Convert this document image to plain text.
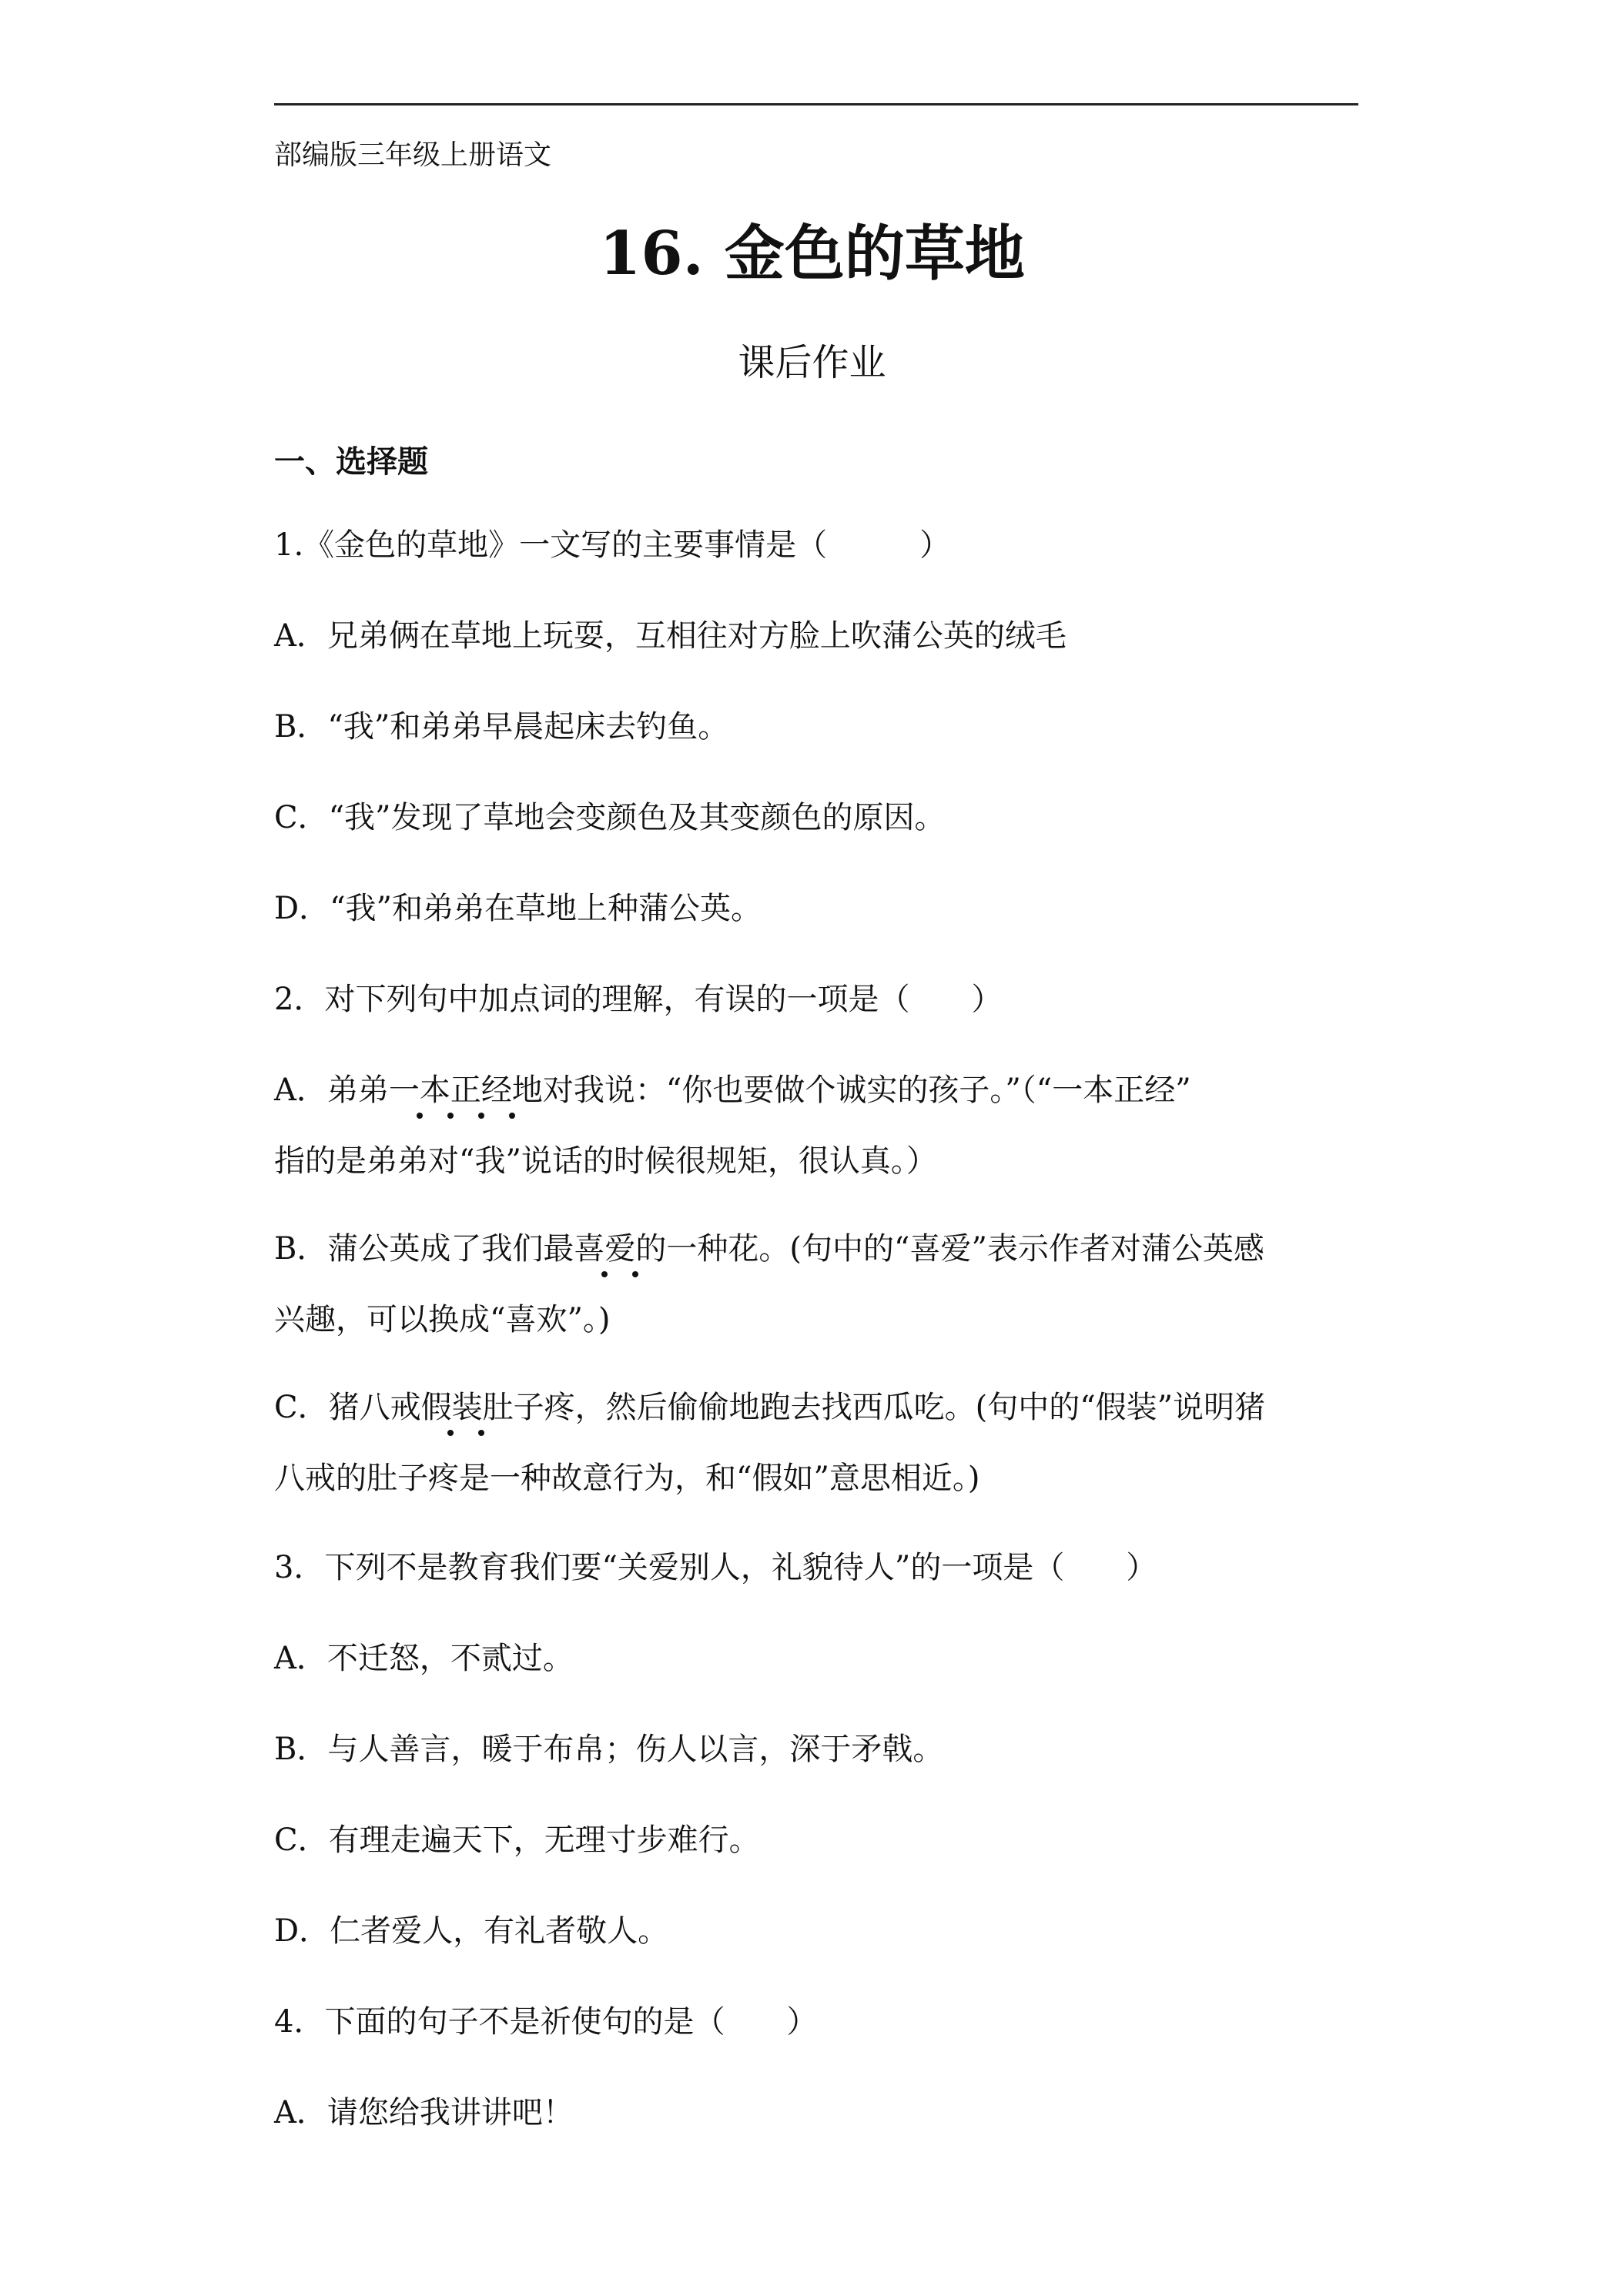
部编版三年级上册语文
16. 金色的草地
课后作业
一、选择题
1.《金色的草地》一文写的主要事情是（　　　）
A．兄弟俩在草地上玩耍，互相往对方脸上吹蒲公英的绒毛
B．“我”和弟弟早晨起床去钓鱼。
C．“我”发现了草地会变颜色及其变颜色的原因。
D．“我”和弟弟在草地上种蒲公英。
2．对下列句中加点词的理解，有误的一项是（　　）
A．弟弟一本正经地对我说：“你也要做个诚实的孩子。”（“一本正经”
指的是弟弟对“我”说话的时候很规矩，很认真。）
B．蒲公英成了我们最喜爱的一种花。(句中的“喜爱”表示作者对蒲公英感
兴趣，可以换成“喜欢”。)
C．猪八戒假装肚子疼，然后偷偷地跑去找西瓜吃。(句中的“假装”说明猪
八戒的肚子疼是一种故意行为，和“假如”意思相近。)
3．下列不是教育我们要“关爱别人，礼貌待人”的一项是（　　）
A．不迁怒，不贰过。
B．与人善言，暖于布帛；伤人以言，深于矛戟。
C．有理走遍天下，无理寸步难行。
D．仁者爱人，有礼者敬人。
4．下面的句子不是祈使句的是（　　）
A．请您给我讲讲吧！
